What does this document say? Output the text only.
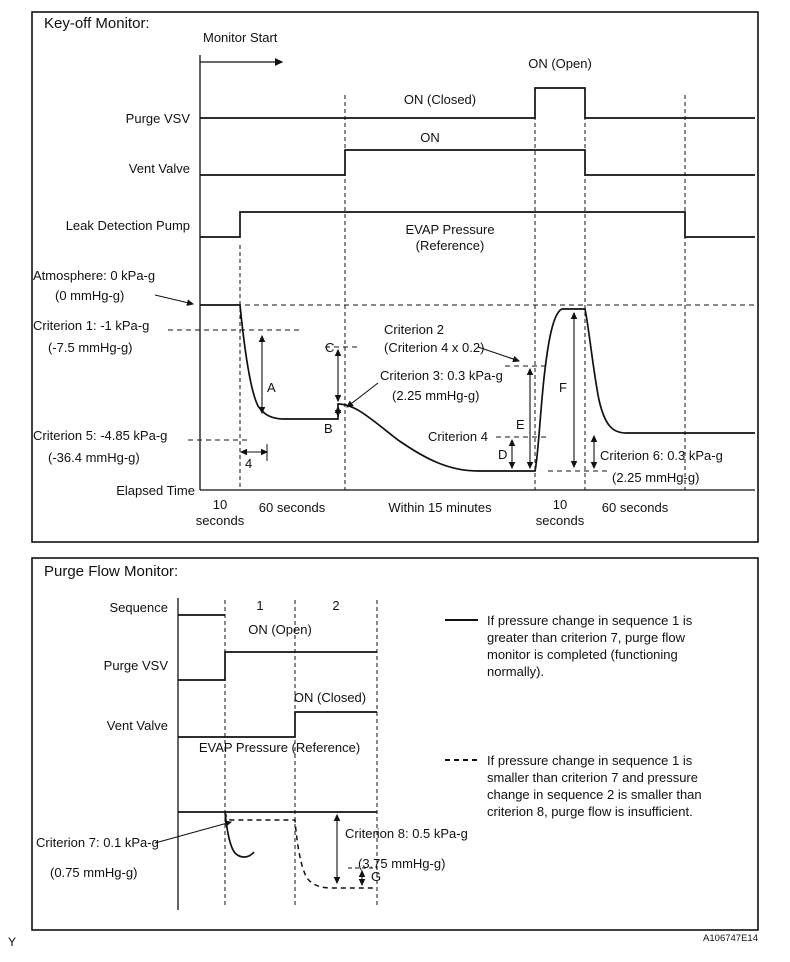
Key-off Monitor:
Monitor Start
Purge VSV
Vent Valve
Leak Detection Pump
ON (Open)
ON (Closed)
ON
EVAP Pressure
(Reference)
Atmosphere: 0 kPa-g
(0 mmHg-g)
Criterion 1: -1 kPa-g
(-7.5 mmHg-g)
Criterion 5: -4.85 kPa-g
(-36.4 mmHg-g)
Criterion 2
(Criterion 4 x 0.2)
Criterion 3: 0.3 kPa-g
(2.25 mmHg-g)
Criterion 4
Criterion 6: 0.3 kPa-g
(2.25 mmHg-g)
A
B
C
D
E
F
4
Elapsed Time
10 seconds
60 seconds	Within 15 minutes	10 seconds
60 seconds
Purge Flow Monitor:
Sequence	1	2
ON (Open)
Purge VSV
ON (Closed)
Vent Valve
EVAP Pressure (Reference)
Criterion 7: 0.1 kPa-g
(0.75 mmHg-g)
Criterion 8: 0.5 kPa-g
(3.75 mmHg-g)
G
If pressure change in sequence 1 is greater than criterion 7, purge flow monitor is completed (functioning normally).
If pressure change in sequence 1 is smaller than criterion 7 and pressure change in sequence 2 is smaller than criterion 8, purge flow is insufficient.
Y	A106747E14
